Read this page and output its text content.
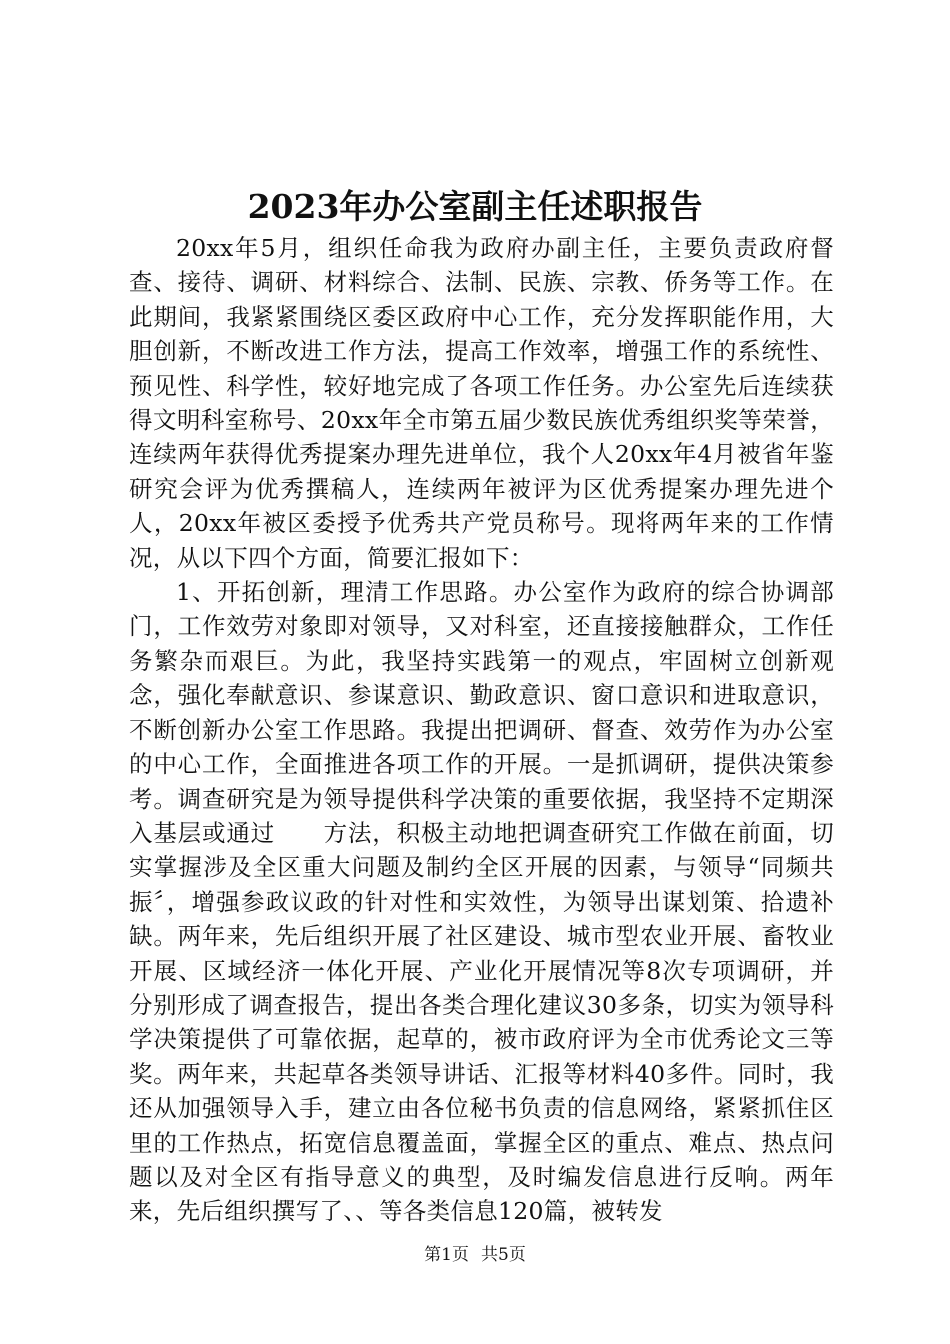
2023年办公室副主任述职报告

20xx年5月，组织任命我为政府办副主任，主要负责政府督查、接待、调研、材料综合、法制、民族、宗教、侨务等工作。在此期间，我紧紧围绕区委区政府中心工作，充分发挥职能作用，大胆创新，不断改进工作方法，提高工作效率，增强工作的系统性、预见性、科学性，较好地完成了各项工作任务。办公室先后连续获得文明科室称号、20xx年全市第五届少数民族优秀组织奖等荣誉，连续两年获得优秀提案办理先进单位，我个人20xx年4月被省年鉴研究会评为优秀撰稿人，连续两年被评为区优秀提案办理先进个人，20xx年被区委授予优秀共产党员称号。现将两年来的工作情况，从以下四个方面，简要汇报如下：

1、开拓创新，理清工作思路。办公室作为政府的综合协调部门，工作效劳对象即对领导，又对科室，还直接接触群众，工作任务繁杂而艰巨。为此，我坚持实践第一的观点，牢固树立创新观念，强化奉献意识、参谋意识、勤政意识、窗口意识和进取意识，不断创新办公室工作思路。我提出把调研、督查、效劳作为办公室的中心工作，全面推进各项工作的开展。一是抓调研，提供决策参考。调查研究是为领导提供科学决策的重要依据，我坚持不定期深入基层或通过　　方法，积极主动地把调查研究工作做在前面，切实掌握涉及全区重大问题及制约全区开展的因素，与领导“同频共振〞，增强参政议政的针对性和实效性，为领导出谋划策、拾遗补缺。两年来，先后组织开展了社区建设、城市型农业开展、畜牧业开展、区域经济一体化开展、产业化开展情况等8次专项调研，并分别形成了调查报告，提出各类合理化建议30多条，切实为领导科学决策提供了可靠依据，起草的，被市政府评为全市优秀论文三等奖。两年来，共起草各类领导讲话、汇报等材料40多件。同时，我还从加强领导入手，建立由各位秘书负责的信息网络，紧紧抓住区里的工作热点，拓宽信息覆盖面，掌握全区的重点、难点、热点问题以及对全区有指导意义的典型，及时编发信息进行反响。两年来，先后组织撰写了、、等各类信息120篇，被转发

第1页 共5页
